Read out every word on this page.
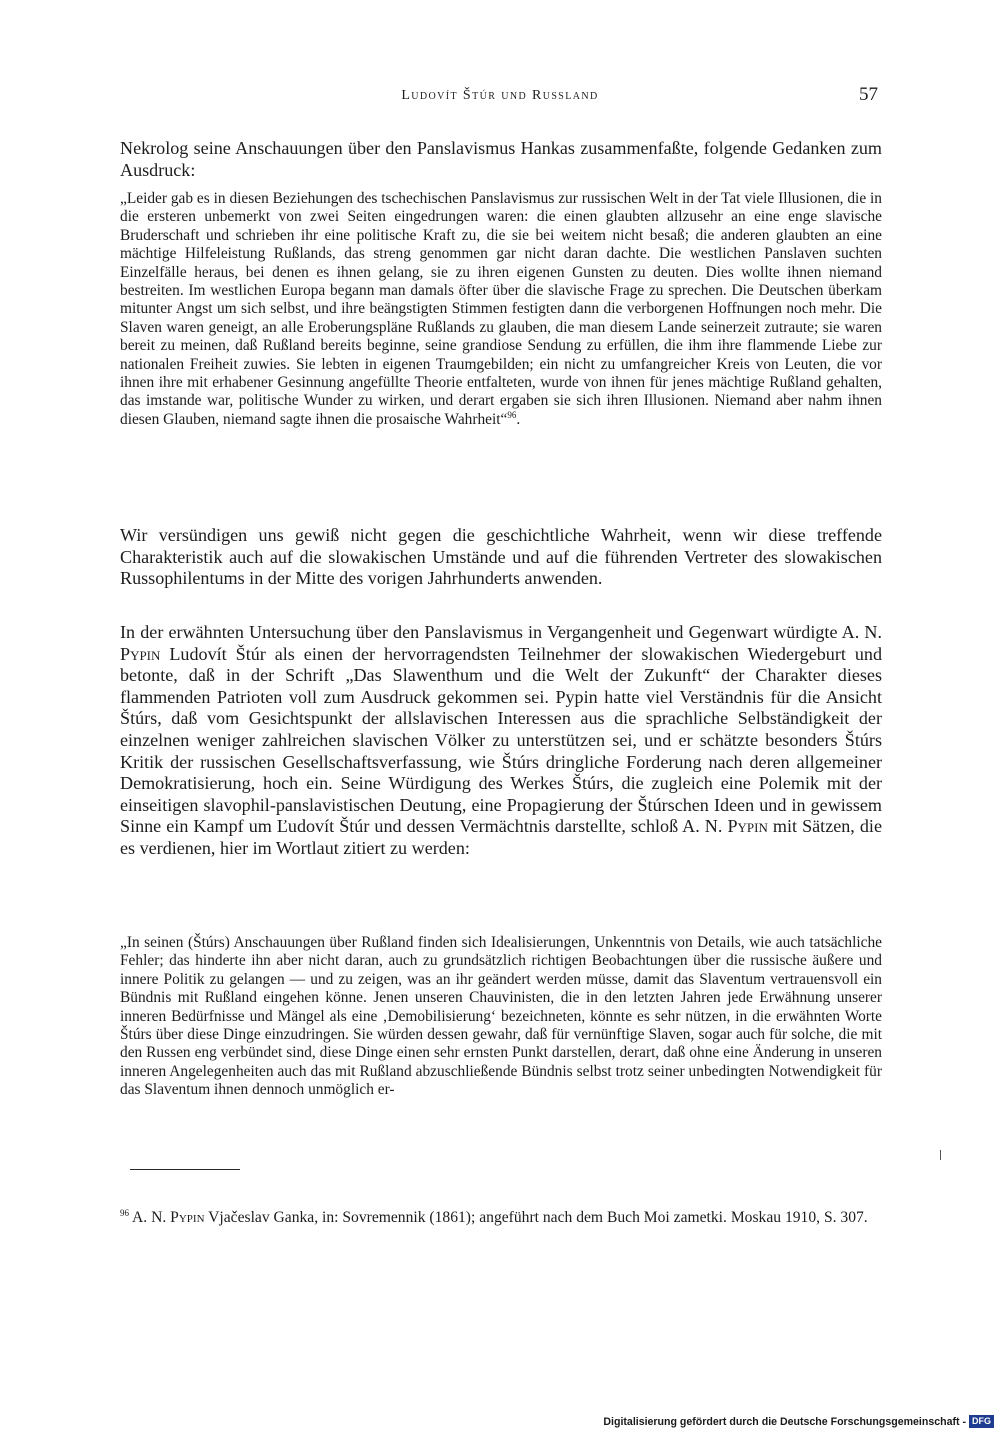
Ludovít Štúr und Russland	57

Nekrolog seine Anschauungen über den Panslavismus Hankas zusammenfaßte, folgende Gedanken zum Ausdruck:

„Leider gab es in diesen Beziehungen des tschechischen Panslavismus zur russischen Welt in der Tat viele Illusionen, die in die ersteren unbemerkt von zwei Seiten eingedrungen waren: die einen glaubten allzusehr an eine enge slavische Bruderschaft und schrieben ihr eine politische Kraft zu, die sie bei weitem nicht besaß; die anderen glaubten an eine mächtige Hilfeleistung Rußlands, das streng genommen gar nicht daran dachte. Die westlichen Panslaven suchten Einzelfälle heraus, bei denen es ihnen gelang, sie zu ihren eigenen Gunsten zu deuten. Dies wollte ihnen niemand bestreiten. Im westlichen Europa begann man damals öfter über die slavische Frage zu sprechen. Die Deutschen überkam mitunter Angst um sich selbst, und ihre beängstigten Stimmen festigten dann die verborgenen Hoffnungen noch mehr. Die Slaven waren geneigt, an alle Eroberungspläne Rußlands zu glauben, die man diesem Lande seinerzeit zutraute; sie waren bereit zu meinen, daß Rußland bereits beginne, seine grandiose Sendung zu erfüllen, die ihm ihre flammende Liebe zur nationalen Freiheit zuwies. Sie lebten in eigenen Traumgebilden; ein nicht zu umfangreicher Kreis von Leuten, die vor ihnen ihre mit erhabener Gesinnung angefüllte Theorie entfalteten, wurde von ihnen für jenes mächtige Rußland gehalten, das imstande war, politische Wunder zu wirken, und derart ergaben sie sich ihren Illusionen. Niemand aber nahm ihnen diesen Glauben, niemand sagte ihnen die prosaische Wahrheit“$^{96}$.

Wir versündigen uns gewiß nicht gegen die geschichtliche Wahrheit, wenn wir diese treffende Charakteristik auch auf die slowakischen Umstände und auf die führenden Vertreter des slowakischen Russophilentums in der Mitte des vorigen Jahrhunderts anwenden.

In der erwähnten Untersuchung über den Panslavismus in Vergangenheit und Gegenwart würdigte A. N. Pypin Ludovít Štúr als einen der hervorragendsten Teilnehmer der slowakischen Wiedergeburt und betonte, daß in der Schrift „Das Slawenthum und die Welt der Zukunft“ der Charakter dieses flammenden Patrioten voll zum Ausdruck gekommen sei. Pypin hatte viel Verständnis für die Ansicht Štúrs, daß vom Gesichtspunkt der allslavischen Interessen aus die sprachliche Selbständigkeit der einzelnen weniger zahlreichen slavischen Völker zu unterstützen sei, und er schätzte besonders Štúrs Kritik der russischen Gesellschaftsverfassung, wie Štúrs dringliche Forderung nach deren allgemeiner Demokratisierung, hoch ein. Seine Würdigung des Werkes Štúrs, die zugleich eine Polemik mit der einseitigen slavophil-panslavistischen Deutung, eine Propagierung der Štúrschen Ideen und in gewissem Sinne ein Kampf um Ľudovít Štúr und dessen Vermächtnis darstellte, schloß A. N. Pypin mit Sätzen, die es verdienen, hier im Wortlaut zitiert zu werden:

„In seinen (Štúrs) Anschauungen über Rußland finden sich Idealisierungen, Unkenntnis von Details, wie auch tatsächliche Fehler; das hinderte ihn aber nicht daran, auch zu grundsätzlich richtigen Beobachtungen über die russische äußere und innere Politik zu gelangen — und zu zeigen, was an ihr geändert werden müsse, damit das Slaventum vertrauensvoll ein Bündnis mit Rußland eingehen könne. Jenen unseren Chauvinisten, die in den letzten Jahren jede Erwähnung unserer inneren Bedürfnisse und Mängel als eine ‚Demobilisierung‘ bezeichneten, könnte es sehr nützen, in die erwähnten Worte Štúrs über diese Dinge einzudringen. Sie würden dessen gewahr, daß für vernünftige Slaven, sogar auch für solche, die mit den Russen eng verbündet sind, diese Dinge einen sehr ernsten Punkt darstellen, derart, daß ohne eine Änderung in unseren inneren Angelegenheiten auch das mit Rußland abzuschließende Bündnis selbst trotz seiner unbedingten Notwendigkeit für das Slaventum ihnen dennoch unmöglich er-

$^{96}$ A. N. Pypin Vjačeslav Ganka, in: Sovremennik (1861); angeführt nach dem Buch Moi zametki. Moskau 1910, S. 307.

Digitalisierung gefördert durch die Deutsche Forschungsgemeinschaft - DFG
